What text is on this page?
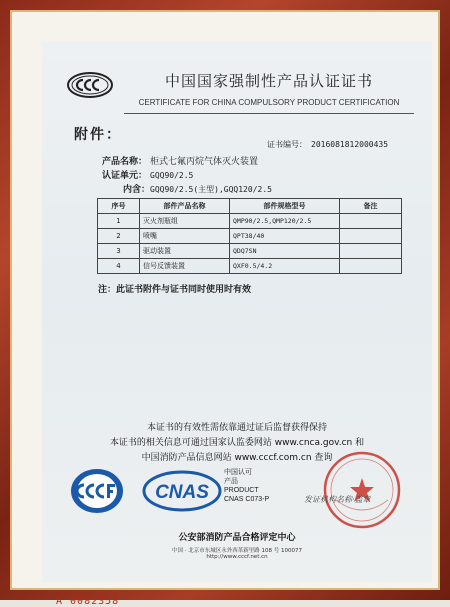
中国国家强制性产品认证证书
CERTIFICATE FOR CHINA COMPULSORY PRODUCT CERTIFICATION
附件：
证书编号： 2016081812000435
产品名称： 柜式七氟丙烷气体灭火装置
认证单元： GQQ90/2.5
内含：GQQ90/2.5(主型),GQQ120/2.5
序号	部件产品名称	部件规格型号	备注
1	灭火剂瓶组	QMP90/2.5,QMP120/2.5	
2	喷嘴	QPT38/40	
3	驱动装置	QDQ7SN	
4	信号反馈装置	QXF0.5/4.2	
注：此证书附件与证书同时使用时有效
本证书的有效性需依靠通过证后监督获得保持
本证书的相关信息可通过国家认监委网站 www.cnca.gov.cn 和
中国消防产品信息网站 www.cccf.com.cn 查询
CNAS
中国认可
产品
PRODUCT
CNAS C073-P	发证机构名称·盖章
公安部消防产品合格评定中心
中国 · 北京市东城区永外西革新里路 108 号 100077
http://www.cccf.net.cn
A 0082358
